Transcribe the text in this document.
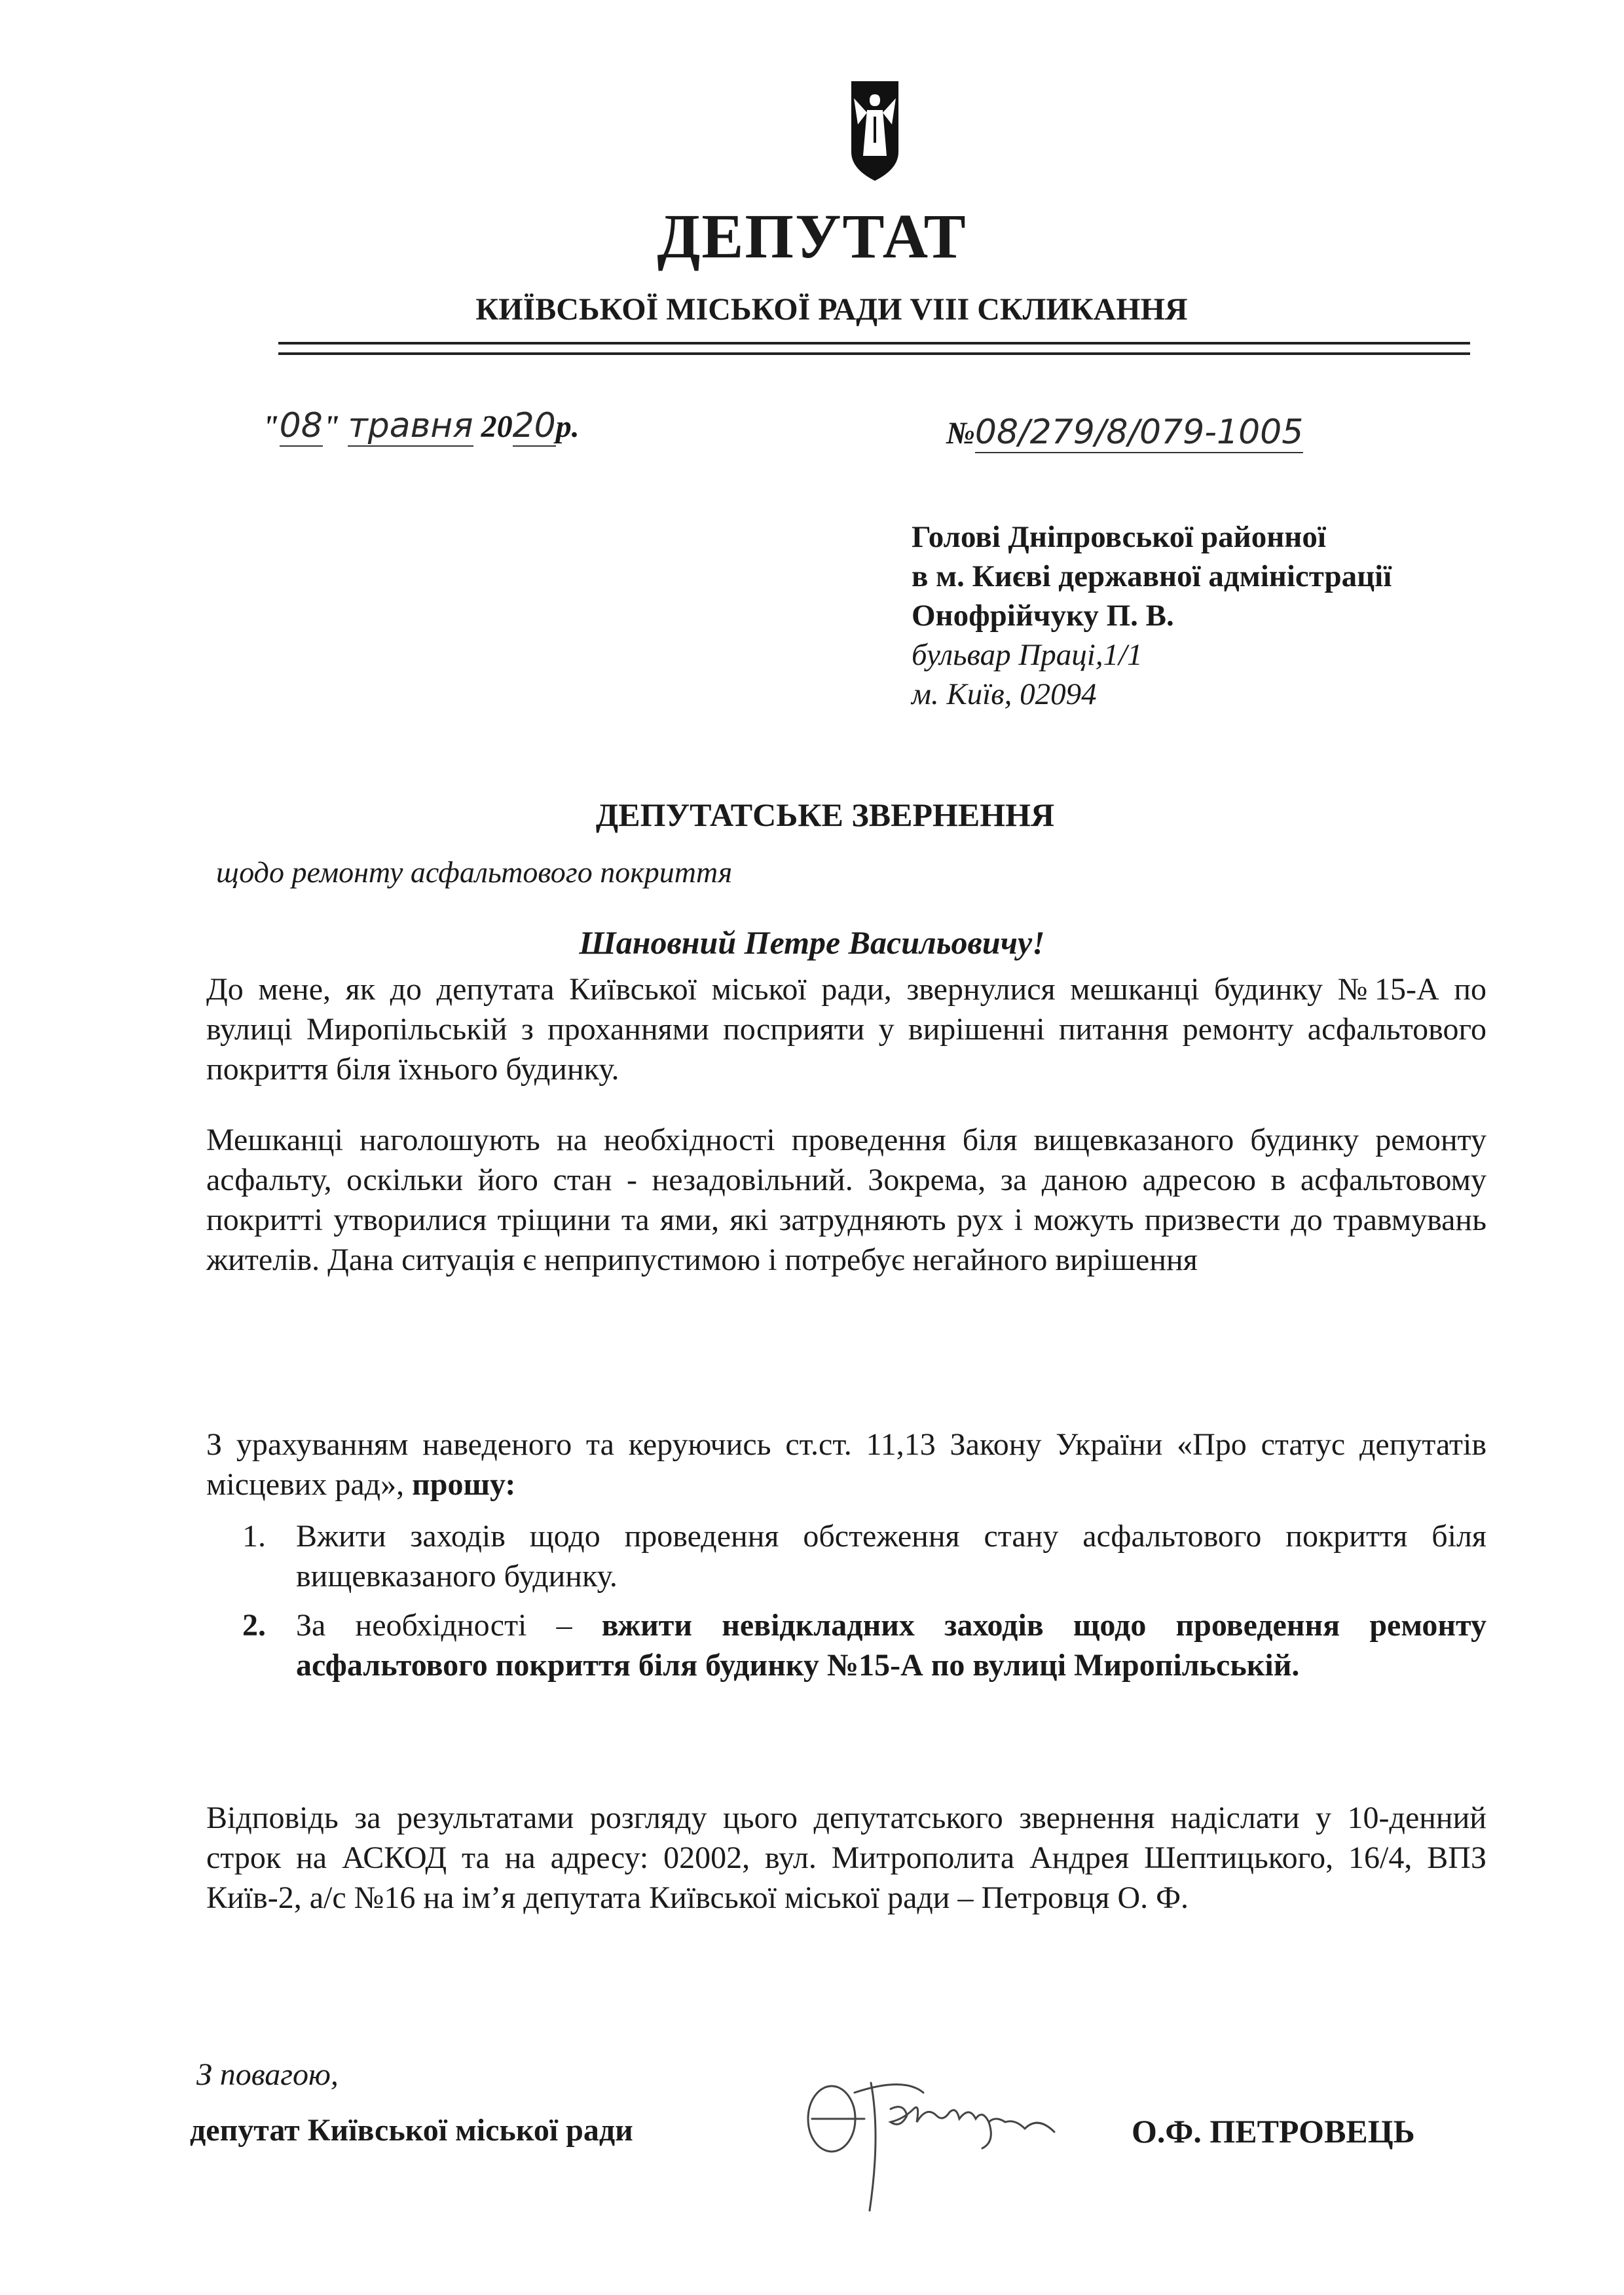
ДЕПУТАТ
КИЇВСЬКОЇ МІСЬКОЇ РАДИ VIII СКЛИКАННЯ
"08" травня 2020р.	№08/279/8/079-1005
Голові Дніпровської районної
в м. Києві державної адміністрації
Онофрійчуку П. В.
бульвар Праці,1/1
м. Київ, 02094
ДЕПУТАТСЬКЕ ЗВЕРНЕННЯ
щодо ремонту асфальтового покриття
Шановний Петре Васильовичу!

До мене, як до депутата Київської міської ради, звернулися мешканці будинку №15-А по вулиці Миропільській з проханнями посприяти у вирішенні питання ремонту асфальтового покриття біля їхнього будинку.

Мешканці наголошують на необхідності проведення біля вищевказаного будинку ремонту асфальту, оскільки його стан - незадовільний. Зокрема, за даною адресою в асфальтовому покритті утворилися тріщини та ями, які затрудняють рух і можуть призвести до травмувань жителів. Дана ситуація є неприпустимою і потребує негайного вирішення

З урахуванням наведеного та керуючись ст.ст. 11,13 Закону України «Про статус депутатів місцевих рад», прошу:

1. Вжити заходів щодо проведення обстеження стану асфальтового покриття біля вищевказаного будинку.
2. За необхідності – вжити невідкладних заходів щодо проведення ремонту асфальтового покриття біля будинку №15-А по вулиці Миропільській.

Відповідь за результатами розгляду цього депутатського звернення надіслати у 10-денний строк на АСКОД та на адресу: 02002, вул. Митрополита Андрея Шептицького, 16/4, ВПЗ Київ-2, а/с №16 на ім’я депутата Київської міської ради – Петровця О. Ф.

З повагою,
депутат Київської міської ради	О.Ф. ПЕТРОВЕЦЬ
